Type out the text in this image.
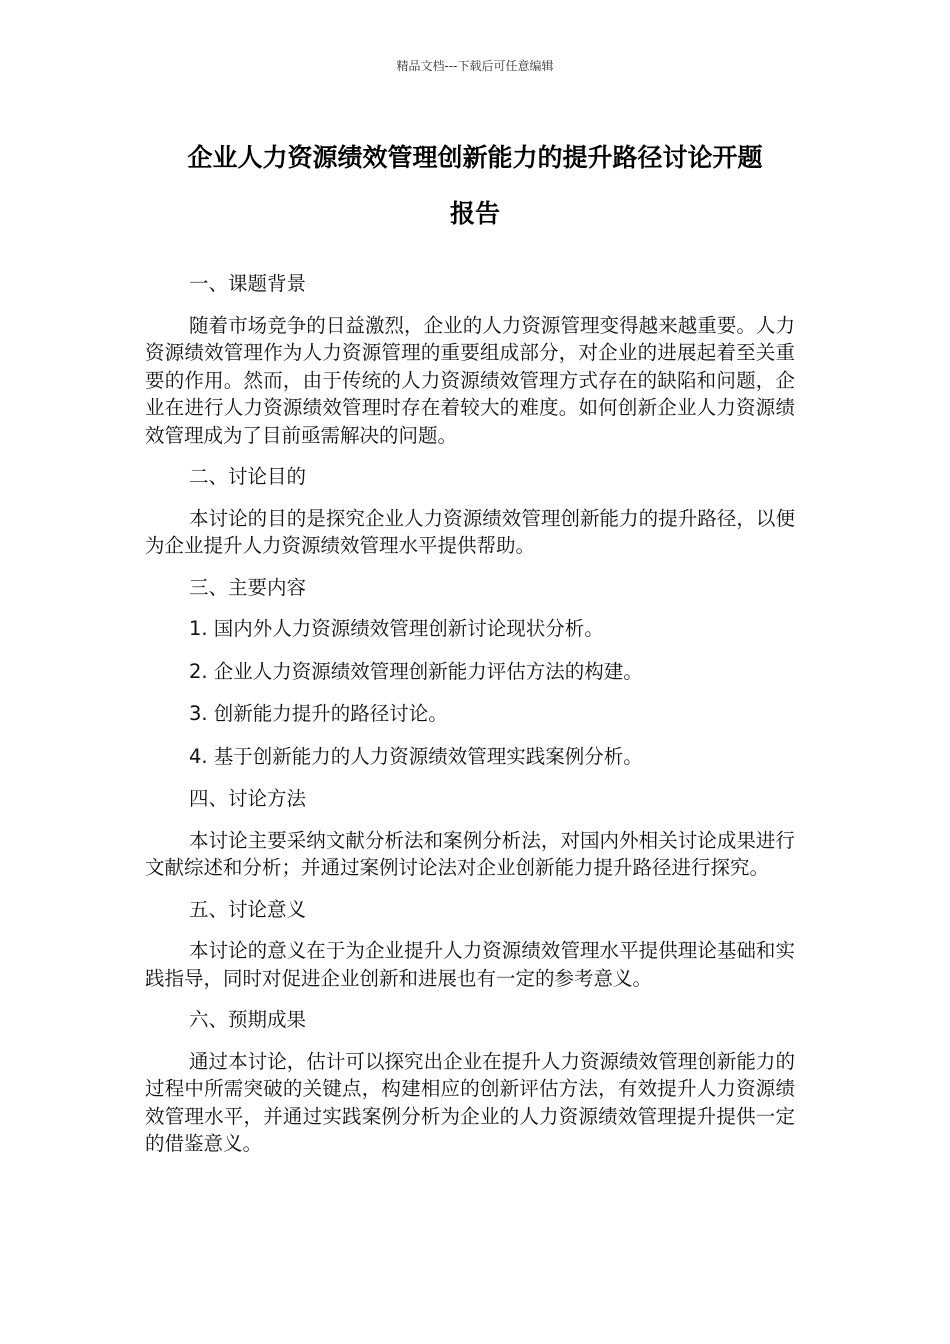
精品文档---下载后可任意编辑
企业人力资源绩效管理创新能力的提升路径讨论开题
报告
一、课题背景
随着市场竞争的日益激烈，企业的人力资源管理变得越来越重要。人力资源绩效管理作为人力资源管理的重要组成部分，对企业的进展起着至关重要的作用。然而，由于传统的人力资源绩效管理方式存在的缺陷和问题，企业在进行人力资源绩效管理时存在着较大的难度。如何创新企业人力资源绩效管理成为了目前亟需解决的问题。
二、讨论目的
本讨论的目的是探究企业人力资源绩效管理创新能力的提升路径，以便为企业提升人力资源绩效管理水平提供帮助。
三、主要内容
1. 国内外人力资源绩效管理创新讨论现状分析。
2. 企业人力资源绩效管理创新能力评估方法的构建。
3. 创新能力提升的路径讨论。
4. 基于创新能力的人力资源绩效管理实践案例分析。
四、讨论方法
本讨论主要采纳文献分析法和案例分析法，对国内外相关讨论成果进行文献综述和分析；并通过案例讨论法对企业创新能力提升路径进行探究。
五、讨论意义
本讨论的意义在于为企业提升人力资源绩效管理水平提供理论基础和实践指导，同时对促进企业创新和进展也有一定的参考意义。
六、预期成果
通过本讨论，估计可以探究出企业在提升人力资源绩效管理创新能力的过程中所需突破的关键点，构建相应的创新评估方法，有效提升人力资源绩效管理水平，并通过实践案例分析为企业的人力资源绩效管理提升提供一定的借鉴意义。
